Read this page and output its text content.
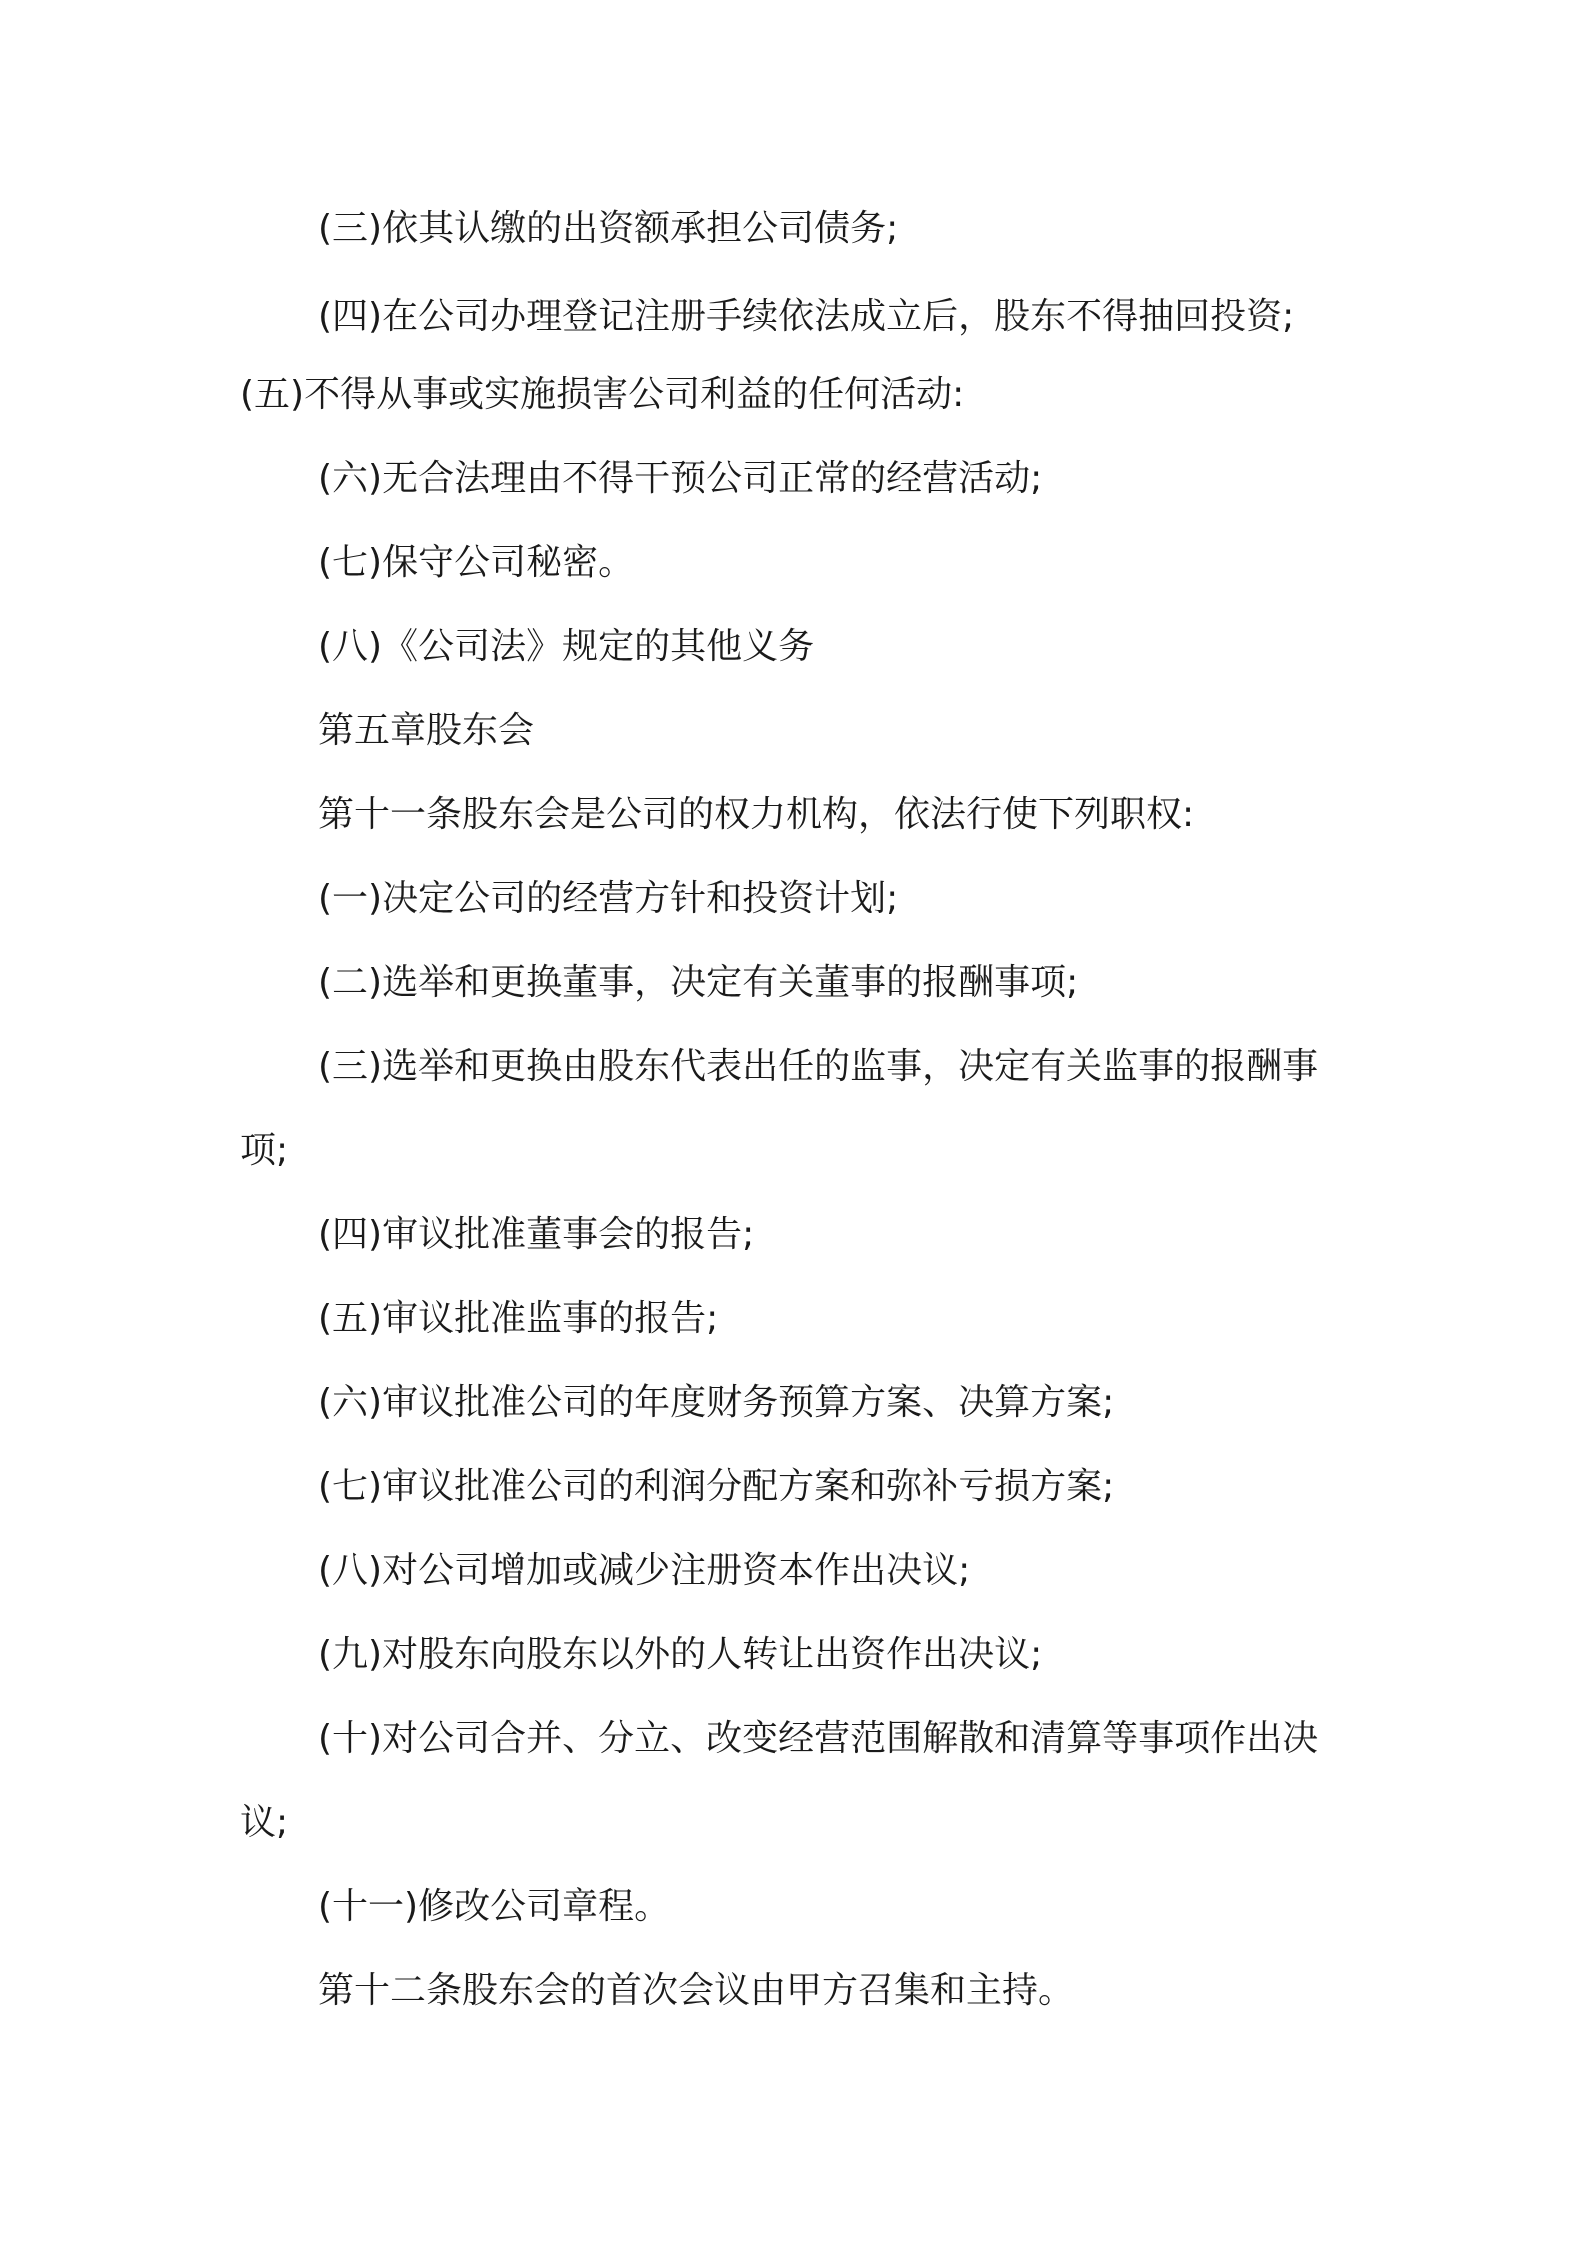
(三)依其认缴的出资额承担公司债务;

(四)在公司办理登记注册手续依法成立后，股东不得抽回投资;

(五)不得从事或实施损害公司利益的任何活动:

(六)无合法理由不得干预公司正常的经营活动;

(七)保守公司秘密。

(八)《公司法》规定的其他义务

第五章股东会

第十一条股东会是公司的权力机构，依法行使下列职权:

(一)决定公司的经营方针和投资计划;

(二)选举和更换董事，决定有关董事的报酬事项;

(三)选举和更换由股东代表出任的监事，决定有关监事的报酬事

项;

(四)审议批准董事会的报告;

(五)审议批准监事的报告;

(六)审议批准公司的年度财务预算方案、决算方案;

(七)审议批准公司的利润分配方案和弥补亏损方案;

(八)对公司增加或减少注册资本作出决议;

(九)对股东向股东以外的人转让出资作出决议;

(十)对公司合并、分立、改变经营范围解散和清算等事项作出决

议;

(十一)修改公司章程。

第十二条股东会的首次会议由甲方召集和主持。
